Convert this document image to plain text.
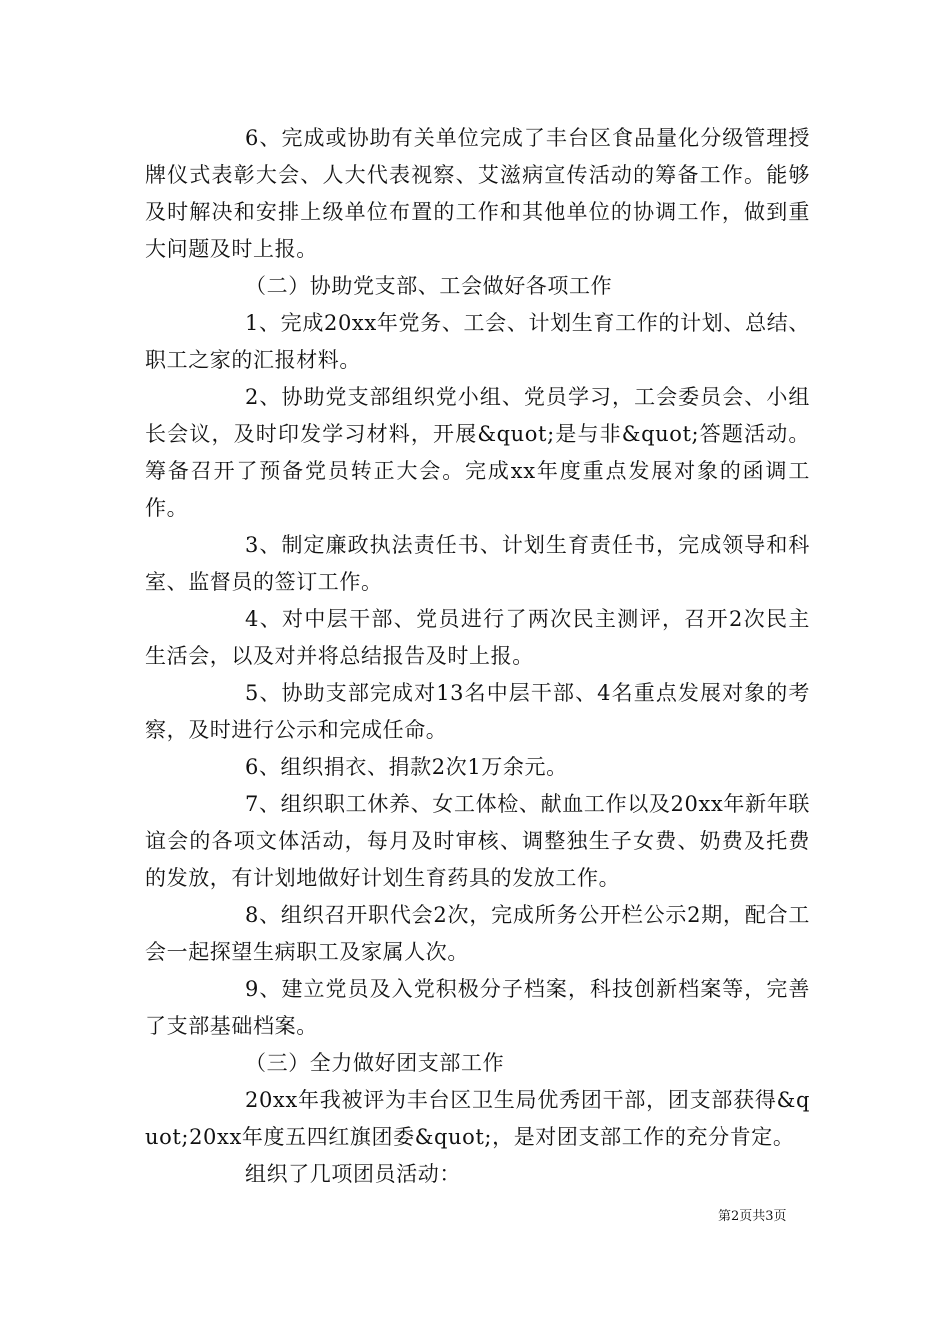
6、完成或协助有关单位完成了丰台区食品量化分级管理授牌仪式表彰大会、人大代表视察、艾滋病宣传活动的筹备工作。能够及时解决和安排上级单位布置的工作和其他单位的协调工作，做到重大问题及时上报。

（二）协助党支部、工会做好各项工作

1、完成20xx年党务、工会、计划生育工作的计划、总结、职工之家的汇报材料。

2、协助党支部组织党小组、党员学习，工会委员会、小组长会议，及时印发学习材料，开展&quot;是与非&quot;答题活动。筹备召开了预备党员转正大会。完成xx年度重点发展对象的函调工作。

3、制定廉政执法责任书、计划生育责任书，完成领导和科室、监督员的签订工作。

4、对中层干部、党员进行了两次民主测评，召开2次民主生活会，以及对并将总结报告及时上报。

5、协助支部完成对13名中层干部、4名重点发展对象的考察，及时进行公示和完成任命。

6、组织捐衣、捐款2次1万余元。

7、组织职工休养、女工体检、献血工作以及20xx年新年联谊会的各项文体活动，每月及时审核、调整独生子女费、奶费及托费的发放，有计划地做好计划生育药具的发放工作。

8、组织召开职代会2次，完成所务公开栏公示2期，配合工会一起探望生病职工及家属人次。

9、建立党员及入党积极分子档案，科技创新档案等，完善了支部基础档案。

（三）全力做好团支部工作

20xx年我被评为丰台区卫生局优秀团干部，团支部获得&quot;20xx年度五四红旗团委&quot;，是对团支部工作的充分肯定。

组织了几项团员活动：

第2页共3页
